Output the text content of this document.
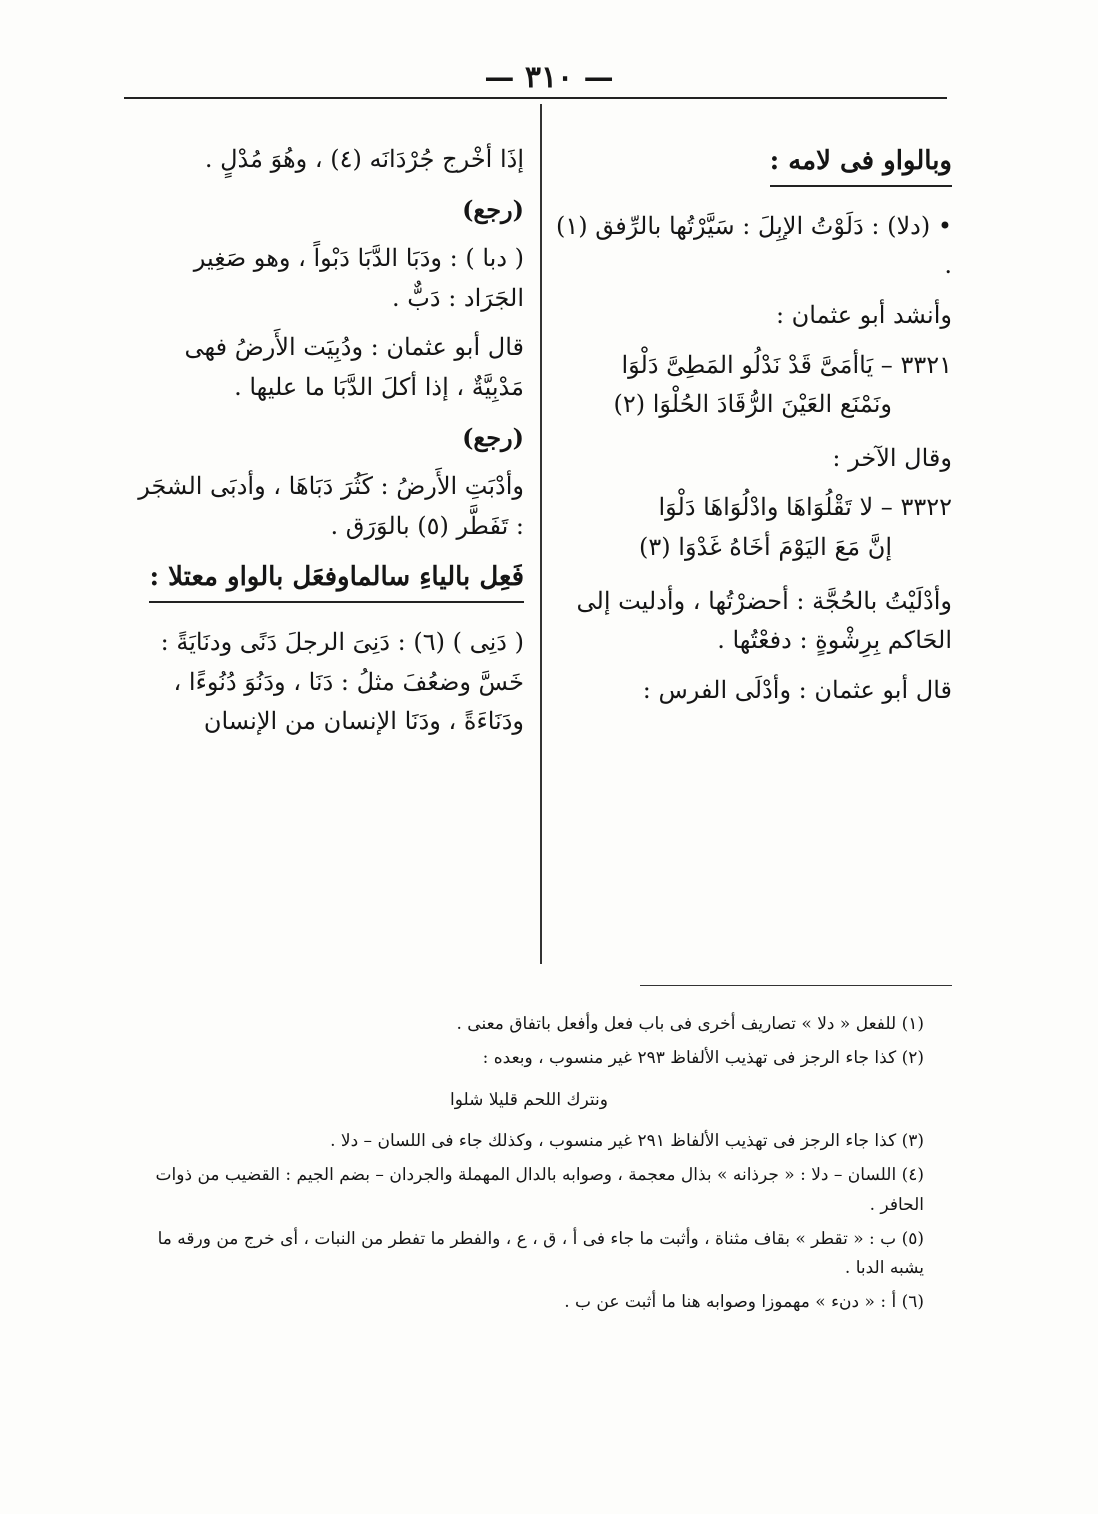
— ٣١٠ —

وبالواو فى لامه :

• (دلا) : دَلَوْتُ الإبِلَ : سَيَّرْتُها بالرِّفق (١) .

وأنشد أبو عثمان :

٣٣٢١ – يَاأمَىَّ قَدْ نَدْلُو المَطِىَّ دَلْوَا
ونَمْنَع العَيْنَ الرُّقَادَ الحُلْوَا (٢)

وقال الآخر :

٣٣٢٢ – لا تَقْلُوَاهَا وادْلُوَاهَا دَلْوَا
إنَّ مَعَ اليَوْمَ أخَاهُ غَدْوَا (٣)

وأدْلَيْتُ بالحُجَّة : أحضرْتُها ، وأدليت إلى الحَاكم بِرِشْوةٍ : دفعْتُها .

قال أبو عثمان : وأدْلَى الفرس :

إذَا أخْرج جُرْدَانَه (٤) ، وهُوَ مُدْلٍ .

(رجع)

( دبا ) : ودَبَا الدَّبَا دَبْواً ، وهو صَغِير الجَرَاد : دَبٌّ .

قال أبو عثمان : ودُبِيَت الأَرضُ فهى مَدْبِيَّةٌ ، إذا أكلَ الدَّبَا ما عليها .

(رجع)

وأدْبَتِ الأَرضُ : كَثُرَ دَبَاهَا ، وأدبَى الشجَر : تَفَطَّر (٥) بالوَرَق .

فَعِل بالياءِ سالماوفعَل بالواو معتلا :

( دَنِى ) (٦) : دَنِىَ الرجلَ دَنًى ودنَايَةً : خَسَّ وضعُفَ مثلُ : دَنَا ، ودَنُوَ دُنُوءًا ، ودَنَاءَةً ، ودَنَا الإنسان من الإنسان

(١) للفعل « دلا » تصاريف أخرى فى باب فعل وأفعل باتفاق معنى .

(٢) كذا جاء الرجز فى تهذيب الألفاظ ٢٩٣ غير منسوب ، وبعده :

ونترك اللحم قليلا شلوا

(٣) كذا جاء الرجز فى تهذيب الألفاظ ٢٩١ غير منسوب ، وكذلك جاء فى اللسان – دلا .

(٤) اللسان – دلا : « جرذانه » بذال معجمة ، وصوابه بالدال المهملة والجردان – بضم الجيم : القضيب من ذوات الحافر .

(٥) ب : « تقطر » بقاف مثناة ، وأثبت ما جاء فى أ ، ق ، ع ، والفطر ما تفطر من النبات ، أى خرج من ورقه ما يشبه الدبا .

(٦) أ : « دنء » مهموزا وصوابه هنا ما أثبت عن ب .
